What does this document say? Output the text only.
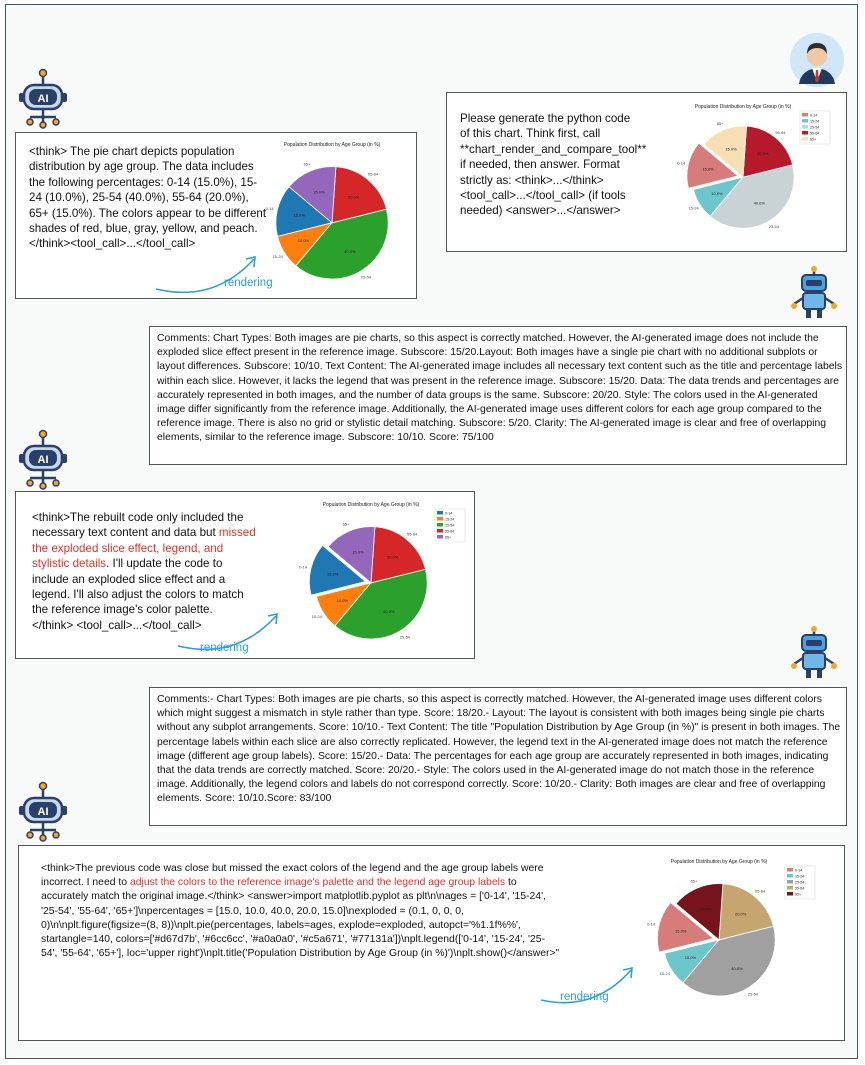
AI
AI
AI
Please generate the python code of this chart. Think first, call **chart_render_and_compare_tool** if needed, then answer. Format strictly as: <think>...</think> <tool_call>...</tool_call> (if tools needed) <answer>...</answer>
Population Distribution by Age Group (in %)
15.0%
0-14
10.0%
15-24
40.0%
25-54
20.0%
55-64
15.0%
65+
0-14
15-24
25-54
55-64
65+
<think> The pie chart depicts population distribution by age group. The data includes the following percentages: 0-14 (15.0%), 15-24 (10.0%), 25-54 (40.0%), 55-64 (20.0%), 65+ (15.0%). The colors appear to be different shades of red, blue, gray, yellow, and peach. </think><tool_call>...</tool_call>
Population Distribution by Age Group (in %)
15.0%
0-14
10.0%
15-24
40.0%
25-54
20.0%
55-64
15.0%
65+
rendering
Comments: Chart Types: Both images are pie charts, so this aspect is correctly matched. However, the AI-generated image does not include the exploded slice effect present in the reference image. Subscore: 15/20.Layout: Both images have a single pie chart with no additional subplots or layout differences. Subscore: 10/10. Text Content: The AI-generated image includes all necessary text content such as the title and percentage labels within each slice. However, it lacks the legend that was present in the reference image. Subscore: 15/20. Data: The data trends and percentages are accurately represented in both images, and the number of data groups is the same. Subscore: 20/20. Style: The colors used in the AI-generated image differ significantly from the reference image. Additionally, the AI-generated image uses different colors for each age group compared to the reference image. There is also no grid or stylistic detail matching. Subscore: 5/20. Clarity: The AI-generated image is clear and free of overlapping elements, similar to the reference image. Subscore: 10/10. Score: 75/100
<think>The rebuilt code only included the necessary text content and data but missed the exploded slice effect, legend, and stylistic details. I'll update the code to include an exploded slice effect and a legend. I'll also adjust the colors to match the reference image's color palette. </think> <tool_call>...</tool_call>
Population Distribution by Age Group (in %)
15.0%
0-14
10.0%
15-24
40.0%
25-54
20.0%
55-64
15.0%
65+
0-14
15-24
25-54
55-64
65+
rendering
Comments:- Chart Types: Both images are pie charts, so this aspect is correctly matched. However, the AI-generated image uses different colors which might suggest a mismatch in style rather than type. Score: 18/20.- Layout: The layout is consistent with both images being single pie charts without any subplot arrangements. Score: 10/10.- Text Content: The title "Population Distribution by Age Group (in %)" is present in both images. The percentage labels within each slice are also correctly replicated. However, the legend text in the AI-generated image does not match the reference image (different age group labels). Score: 15/20.- Data: The percentages for each age group are accurately represented in both images, indicating that the data trends are correctly matched. Score: 20/20.- Style: The colors used in the AI-generated image do not match those in the reference image. Additionally, the legend colors and labels do not correspond correctly. Score: 10/20.- Clarity: Both images are clear and free of overlapping elements. Score: 10/10.Score: 83/100
<think>The previous code was close but missed the exact colors of the legend and the age group labels were incorrect. I need to adjust the colors to the reference image's palette and the legend age group labels to accurately match the original image.</think> <answer>import matplotlib.pyplot as plt\n\nages = ['0-14', '15-24', '25-54', '55-64', '65+']\npercentages = [15.0, 10.0, 40.0, 20.0, 15.0]\nexploded = (0.1, 0, 0, 0, 0)\n\nplt.figure(figsize=(8, 8))\nplt.pie(percentages, labels=ages, explode=exploded, autopct='%1.1f%%', startangle=140, colors=['#d67d7b', '#6cc6cc', '#a0a0a0', '#c5a671', '#77131a'])\nplt.legend(['0-14', '15-24', '25-54', '55-64', '65+'], loc='upper right')\nplt.title('Population Distribution by Age Group (in %)')\nplt.show()</answer>"
Population Distribution by Age Group (in %)
15.0%
0-14
10.0%
15-24
40.0%
25-54
20.0%
55-64
15.0%
65+
0-14
15-24
25-54
55-64
65+
rendering
